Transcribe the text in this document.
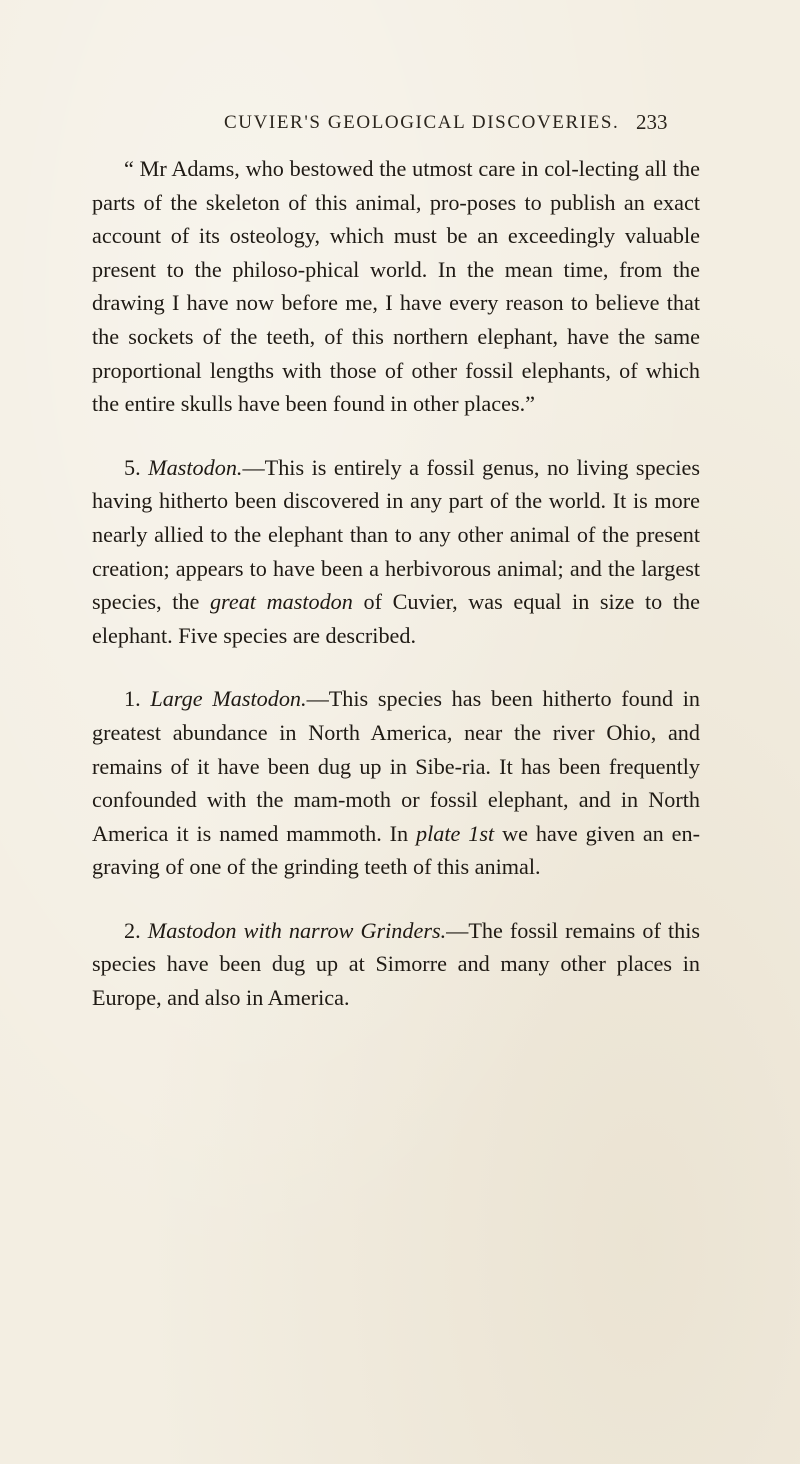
CUVIER'S GEOLOGICAL DISCOVERIES. 233

“ Mr Adams, who bestowed the utmost care in col-lecting all the parts of the skeleton of this animal, pro-poses to publish an exact account of its osteology, which must be an exceedingly valuable present to the philoso-phical world. In the mean time, from the drawing I have now before me, I have every reason to believe that the sockets of the teeth, of this northern elephant, have the same proportional lengths with those of other fossil elephants, of which the entire skulls have been found in other places.”

5. Mastodon.—This is entirely a fossil genus, no living species having hitherto been discovered in any part of the world. It is more nearly allied to the elephant than to any other animal of the present creation; appears to have been a herbivorous animal; and the largest species, the great mastodon of Cuvier, was equal in size to the elephant. Five species are described.

1. Large Mastodon.—This species has been hitherto found in greatest abundance in North America, near the river Ohio, and remains of it have been dug up in Sibe-ria. It has been frequently confounded with the mam-moth or fossil elephant, and in North America it is named mammoth. In plate 1st we have given an en-graving of one of the grinding teeth of this animal.

2. Mastodon with narrow Grinders.—The fossil remains of this species have been dug up at Simorre and many other places in Europe, and also in America.
